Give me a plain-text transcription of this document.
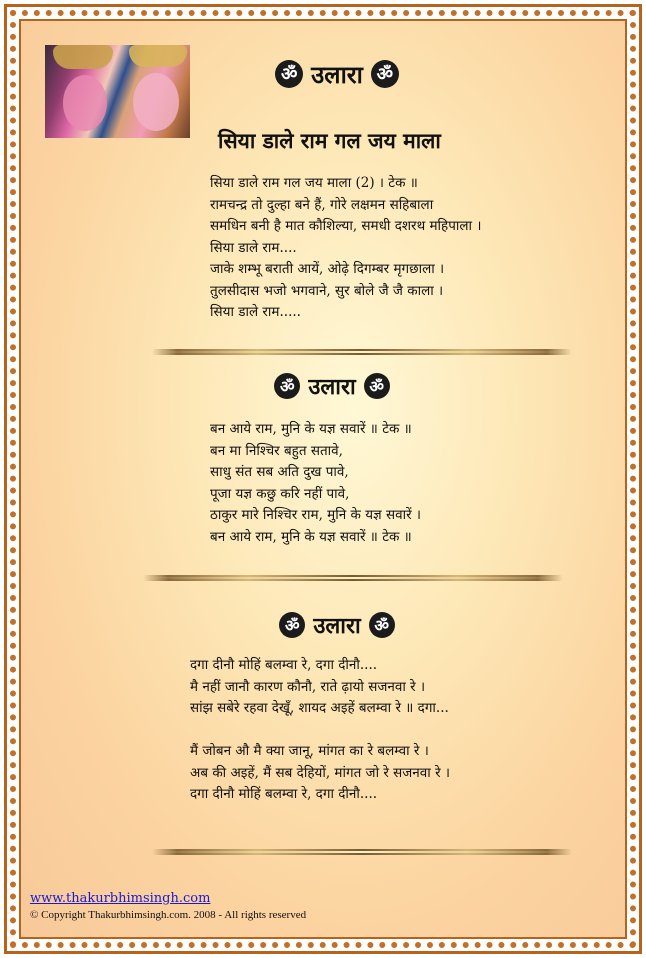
ॐ उलारा ॐ
सिया डाले राम गल जय माला
सिया डाले राम गल जय माला (2) । टेक ॥
रामचन्द्र तो दुल्हा बने हैं, गोरे लक्षमन सहिबाला
समधिन बनी है मात कौशिल्या, समधी दशरथ महिपाला ।
सिया डाले राम....
जाके शम्भू बराती आयें, ओढ़े दिगम्बर मृगछाला ।
तुलसीदास भजो भगवाने, सुर बोले जै जै काला ।
सिया डाले राम.....
ॐ उलारा ॐ
बन आये राम, मुनि के यज्ञ सवारें ॥ टेक ॥
बन मा निश्चिर बहुत सतावे,
साधु संत सब अति दुख पावे,
पूजा यज्ञ कछु करि नहीं पावे,
ठाकुर मारे निश्चिर राम, मुनि के यज्ञ सवारें ।
बन आये राम, मुनि के यज्ञ सवारें ॥ टेक ॥
ॐ उलारा ॐ
दगा दीनौ मोहिं बलम्वा रे, दगा दीनौ....
मै नहीं जानौ कारण कौनौ, राते ढ़ायो सजनवा रे ।
सांझ सबेरे रहवा देखूँ, शायद अइहें बलम्वा रे ॥ दगा...
मैं जोबन औ मै क्या जानू, मांगत का रे बलम्वा रे ।
अब की अइहें, मैं सब देहियों, मांगत जो रे सजनवा रे ।
दगा दीनौ मोहिं बलम्वा रे, दगा दीनौ....
www.thakurbhimsingh.com
© Copyright Thakurbhimsingh.com. 2008 - All rights reserved
